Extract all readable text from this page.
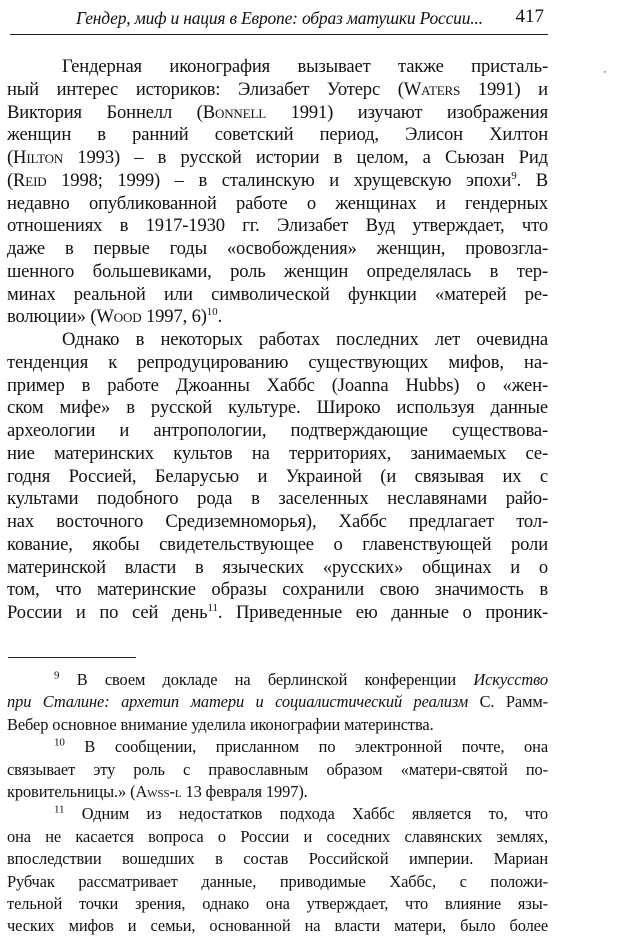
Гендер, миф и нация в Европе: образ матушки России... 417
'
Гендерная иконография вызывает также присталь-
ный интерес историков: Элизабет Уотерс (Waters 1991) и
Виктория Боннелл (Bonnell 1991) изучают изображения
женщин в ранний советский период, Элисон Хилтон
(Hilton 1993) – в русской истории в целом, а Сьюзан Рид
(Reid 1998; 1999) – в сталинскую и хрущевскую эпохи$^9$. В
недавно опубликованной работе о женщинах и гендерных
отношениях в 1917-1930 гг. Элизабет Вуд утверждает, что
даже в первые годы «освобождения» женщин, провозгла-
шенного большевиками, роль женщин определялась в тер-
минах реальной или символической функции «матерей ре-
волюции» (Wood 1997, 6)$^{10}$.
Однако в некоторых работах последних лет очевидна
тенденция к репродуцированию существующих мифов, на-
пример в работе Джоанны Хаббс (Joanna Hubbs) о «жен-
ском мифе» в русской культуре. Широко используя данные
археологии и антропологии, подтверждающие существова-
ние материнских культов на территориях, занимаемых се-
годня Россией, Беларусью и Украиной (и связывая их с
культами подобного рода в заселенных неславянами райо-
нах восточного Средиземноморья), Хаббс предлагает тол-
кование, якобы свидетельствующее о главенствующей роли
материнской власти в языческих «русских» общинах и о
том, что материнские образы сохранили свою значимость в
России и по сей день$^{11}$. Приведенные ею данные о проник-
$^9$ В своем докладе на берлинской конференции Искусство
при Сталине: архетип матери и социалистический реализм С. Рамм-
Вебер основное внимание уделила иконографии материнства.
$^{10}$ В сообщении, присланном по электронной почте, она
связывает эту роль с православным образом «матери-святой по-
кровительницы.» (Awss-l 13 февраля 1997).
$^{11}$ Одним из недостатков подхода Хаббс является то, что
она не касается вопроса о России и соседних славянских землях,
впоследствии вошедших в состав Российской империи. Мариан
Рубчак рассматривает данные, приводимые Хаббс, с положи-
тельной точки зрения, однако она утверждает, что влияние язы-
ческих мифов и семьи, основанной на власти матери, было более
